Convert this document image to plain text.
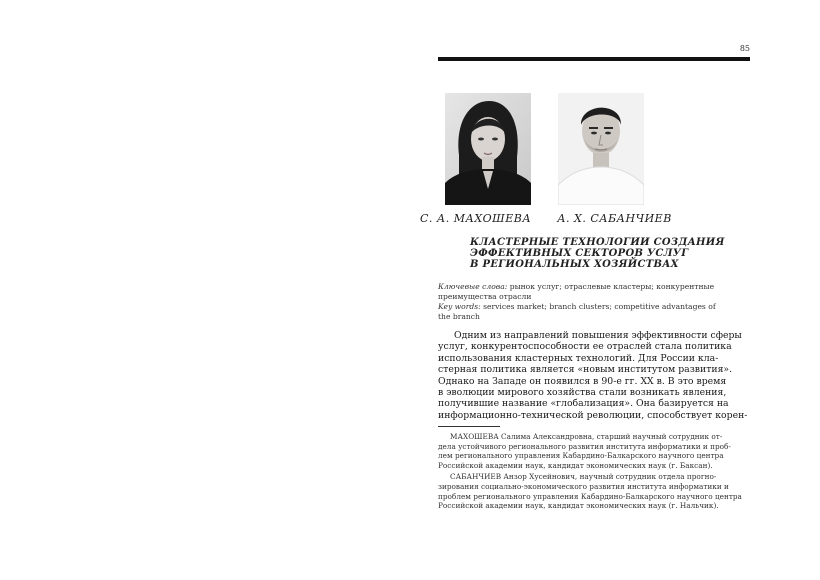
85
С. А. МАХОШЕВА А. Х. САБАНЧИЕВ
КЛАСТЕРНЫЕ ТЕХНОЛОГИИ СОЗДАНИЯ
ЭФФЕКТИВНЫХ СЕКТОРОВ УСЛУГ
В РЕГИОНАЛЬНЫХ ХОЗЯЙСТВАХ
Ключевые слова: рынок услуг; отраслевые кластеры; конкурентные
преимущества отрасли
Key words: services market; branch clusters; competitive advantages of
the branch
Одним из направлений повышения эффективности сферы
услуг, конкурентоспособности ее отраслей стала политика
использования кластерных технологий. Для России кла-
стерная политика является «новым институтом развития».
Однако на Западе он появился в 90-е гг. XX в. В это время
в эволюции мирового хозяйства стали возникать явления,
получившие название «глобализация». Она базируется на
информационно-технической революции, способствует корен-
МАХОШЕВА Салима Александровна, старший научный сотрудник от-
дела устойчивого регионального развития института информатики и проб-
лем регионального управления Кабардино-Балкарского научного центра
Российской академии наук, кандидат экономических наук (г. Баксан).
САБАНЧИЕВ Анзор Хусейнович, научный сотрудник отдела прогно-
зирования социально-экономического развития института информатики и
проблем регионального управления Кабардино-Балкарского научного центра
Российской академии наук, кандидат экономических наук (г. Нальчик).
